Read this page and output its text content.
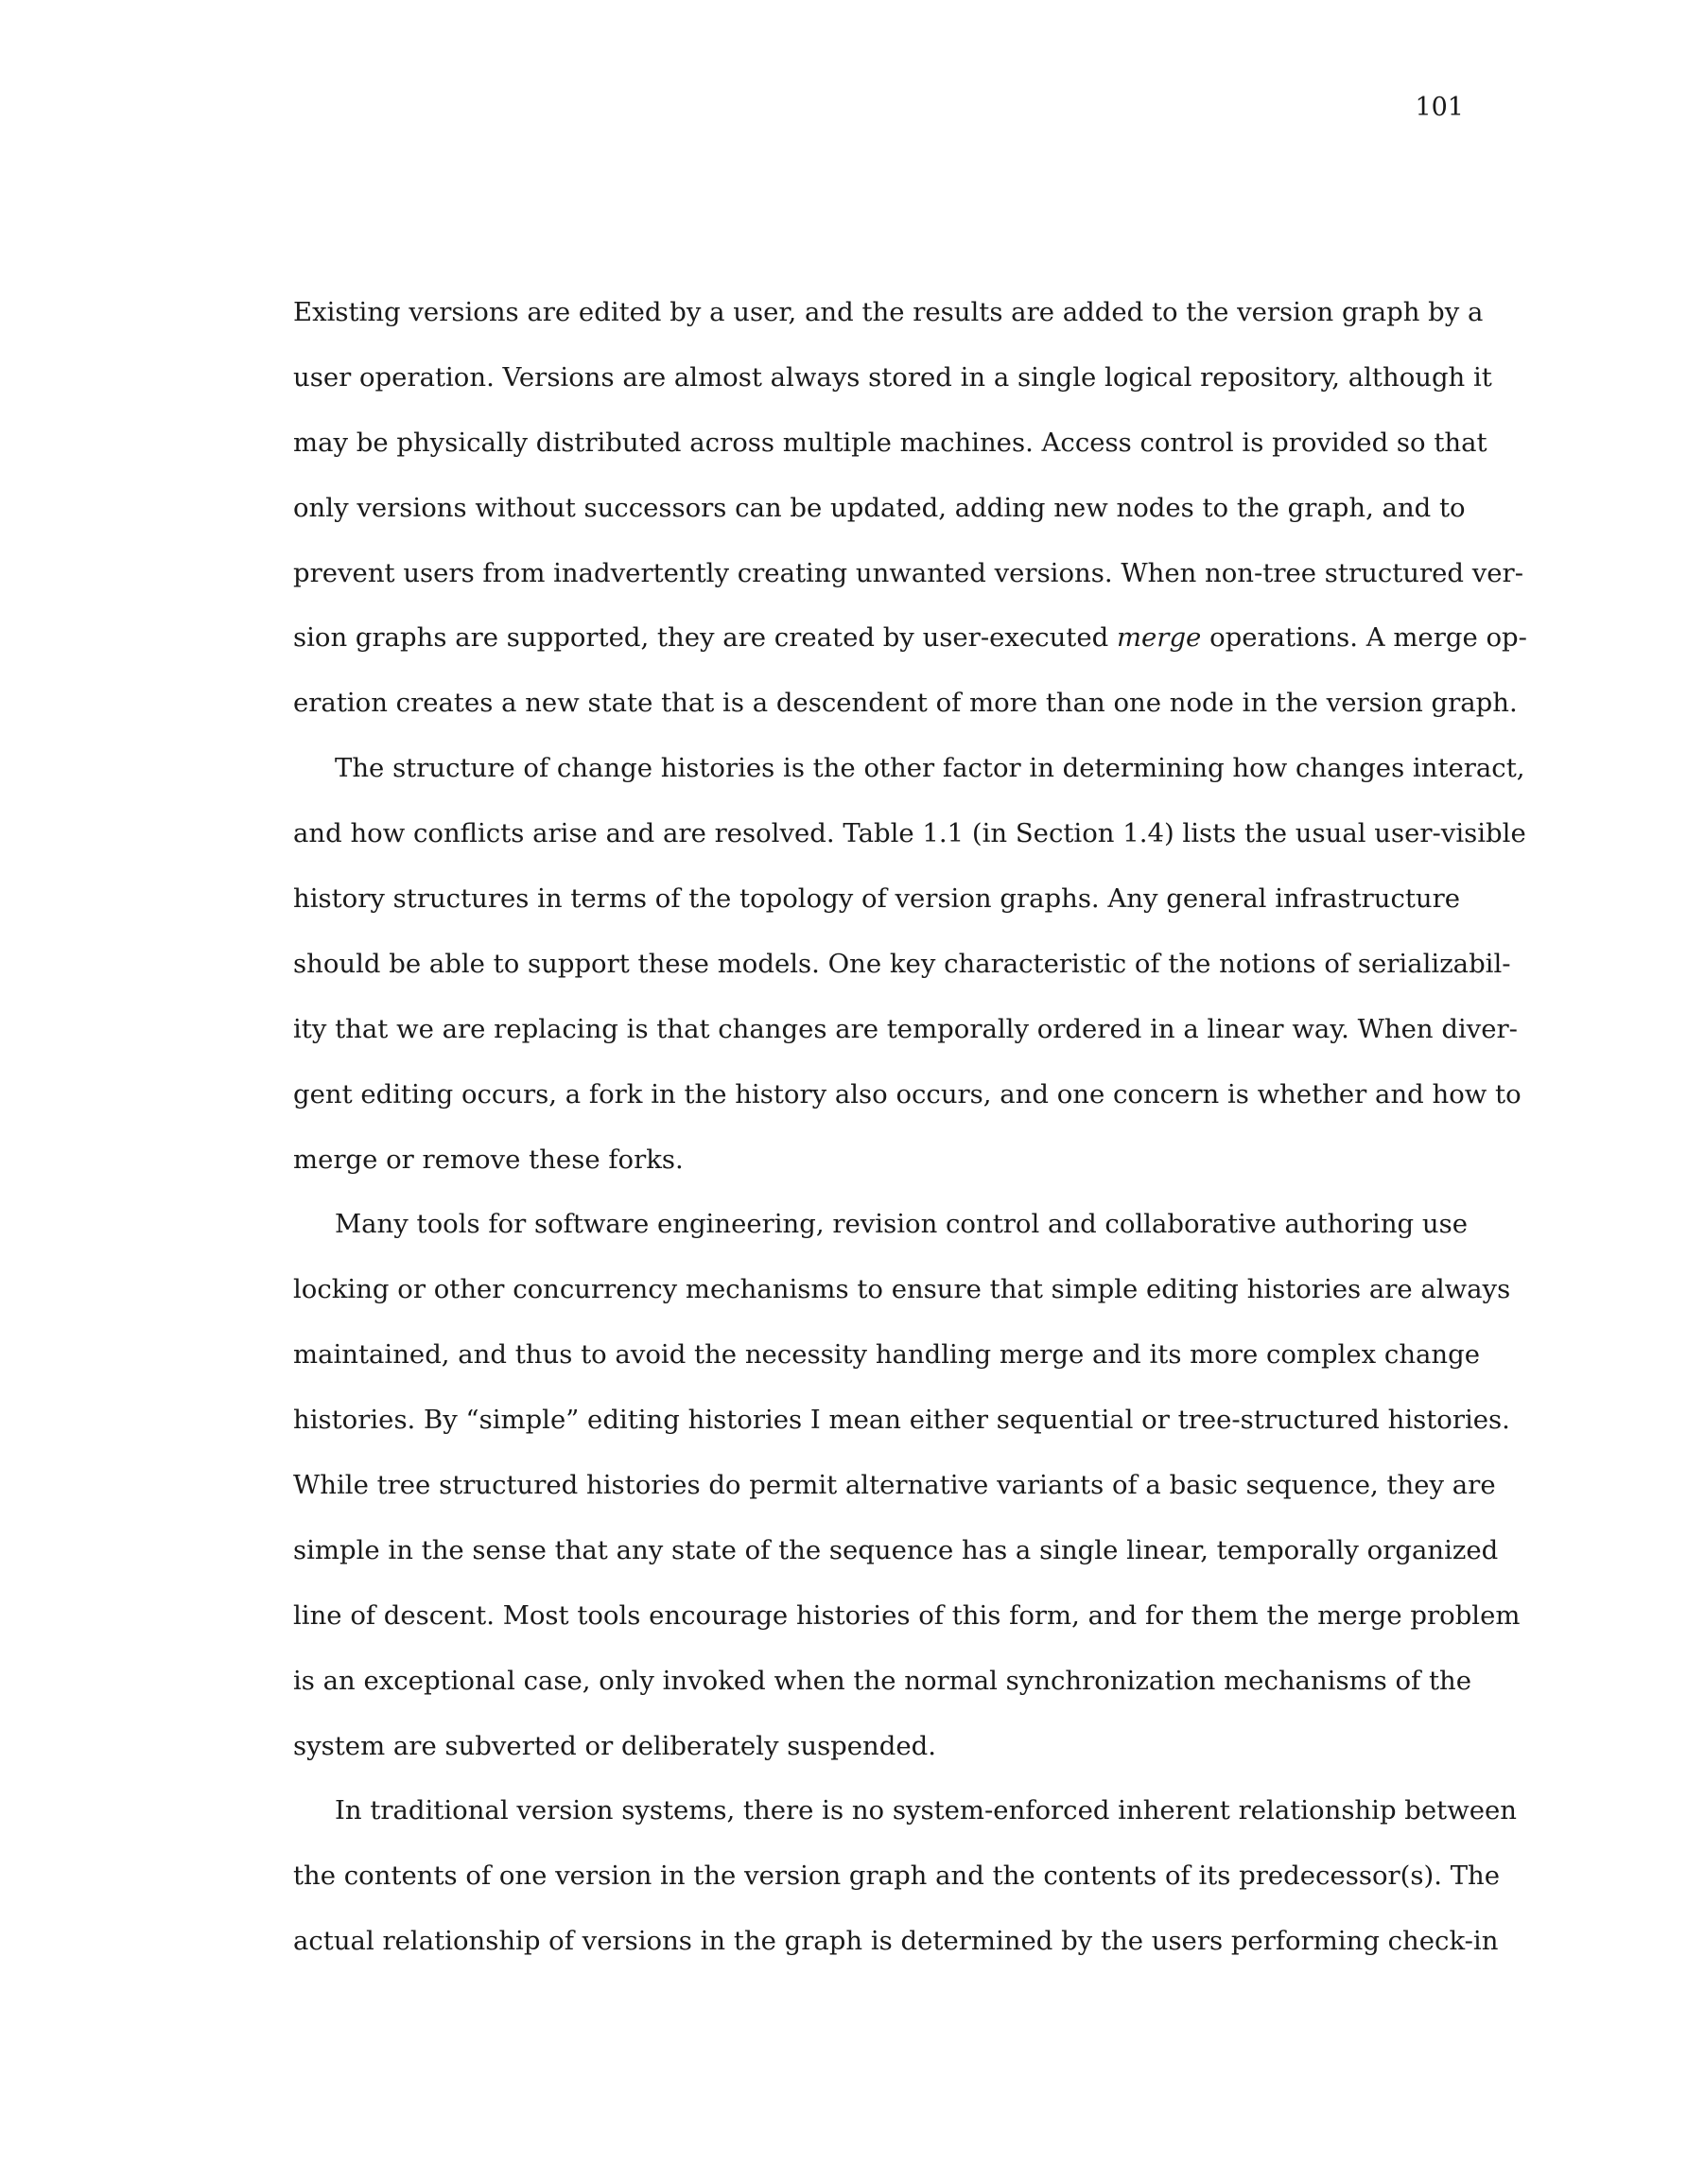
101

Existing versions are edited by a user, and the results are added to the version graph by a
user operation. Versions are almost always stored in a single logical repository, although it
may be physically distributed across multiple machines. Access control is provided so that
only versions without successors can be updated, adding new nodes to the graph, and to
prevent users from inadvertently creating unwanted versions. When non-tree structured ver-
sion graphs are supported, they are created by user-executed merge operations. A merge op-
eration creates a new state that is a descendent of more than one node in the version graph.

The structure of change histories is the other factor in determining how changes interact,
and how conflicts arise and are resolved. Table 1.1 (in Section 1.4) lists the usual user-visible
history structures in terms of the topology of version graphs. Any general infrastructure
should be able to support these models. One key characteristic of the notions of serializabil-
ity that we are replacing is that changes are temporally ordered in a linear way. When diver-
gent editing occurs, a fork in the history also occurs, and one concern is whether and how to
merge or remove these forks.

Many tools for software engineering, revision control and collaborative authoring use
locking or other concurrency mechanisms to ensure that simple editing histories are always
maintained, and thus to avoid the necessity handling merge and its more complex change
histories. By “simple” editing histories I mean either sequential or tree-structured histories.
While tree structured histories do permit alternative variants of a basic sequence, they are
simple in the sense that any state of the sequence has a single linear, temporally organized
line of descent. Most tools encourage histories of this form, and for them the merge problem
is an exceptional case, only invoked when the normal synchronization mechanisms of the
system are subverted or deliberately suspended.

In traditional version systems, there is no system-enforced inherent relationship between
the contents of one version in the version graph and the contents of its predecessor(s). The
actual relationship of versions in the graph is determined by the users performing check-in
